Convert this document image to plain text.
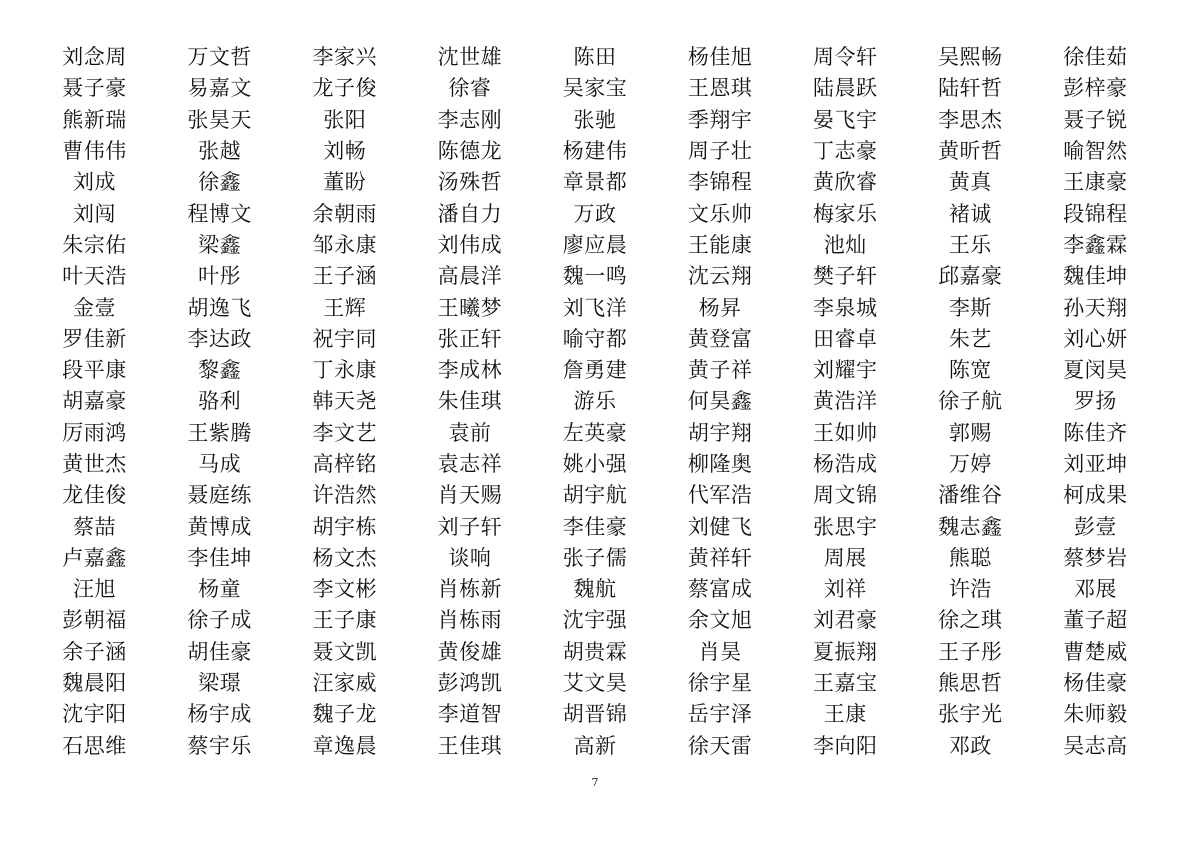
刘念周	万文哲	李家兴	沈世雄	陈田	杨佳旭	周令轩	吴熙畅	徐佳茹
聂子豪	易嘉文	龙子俊	徐睿	吴家宝	王恩琪	陆晨跃	陆轩哲	彭梓豪
熊新瑞	张昊天	张阳	李志刚	张驰	季翔宇	晏飞宇	李思杰	聂子锐
曹伟伟	张越	刘畅	陈德龙	杨建伟	周子壮	丁志豪	黄昕哲	喻智然
刘成	徐鑫	董盼	汤殊哲	章景都	李锦程	黄欣睿	黄真	王康豪
刘闯	程博文	余朝雨	潘自力	万政	文乐帅	梅家乐	褚诚	段锦程
朱宗佑	梁鑫	邹永康	刘伟成	廖应晨	王能康	池灿	王乐	李鑫霖
叶天浩	叶彤	王子涵	高晨洋	魏一鸣	沈云翔	樊子轩	邱嘉豪	魏佳坤
金壹	胡逸飞	王辉	王曦梦	刘飞洋	杨昇	李泉城	李斯	孙天翔
罗佳新	李达政	祝宇同	张正轩	喻守都	黄登富	田睿卓	朱艺	刘心妍
段平康	黎鑫	丁永康	李成林	詹勇建	黄子祥	刘耀宇	陈宽	夏闵昊
胡嘉豪	骆利	韩天尧	朱佳琪	游乐	何昊鑫	黄浩洋	徐子航	罗扬
厉雨鸿	王紫腾	李文艺	袁前	左英豪	胡宇翔	王如帅	郭赐	陈佳齐
黄世杰	马成	高梓铭	袁志祥	姚小强	柳隆奥	杨浩成	万婷	刘亚坤
龙佳俊	聂庭练	许浩然	肖天赐	胡宇航	代军浩	周文锦	潘维谷	柯成果
蔡喆	黄博成	胡宇栋	刘子轩	李佳豪	刘健飞	张思宇	魏志鑫	彭壹
卢嘉鑫	李佳坤	杨文杰	谈响	张子儒	黄祥轩	周展	熊聪	蔡梦岩
汪旭	杨童	李文彬	肖栋新	魏航	蔡富成	刘祥	许浩	邓展
彭朝福	徐子成	王子康	肖栋雨	沈宇强	余文旭	刘君豪	徐之琪	董子超
余子涵	胡佳豪	聂文凯	黄俊雄	胡贵霖	肖昊	夏振翔	王子彤	曹楚威
魏晨阳	梁璟	汪家威	彭鸿凯	艾文昊	徐宇星	王嘉宝	熊思哲	杨佳豪
沈宇阳	杨宇成	魏子龙	李道智	胡晋锦	岳宇泽	王康	张宇光	朱师毅
石思维	蔡宇乐	章逸晨	王佳琪	高新	徐天雷	李向阳	邓政	吴志高
7
